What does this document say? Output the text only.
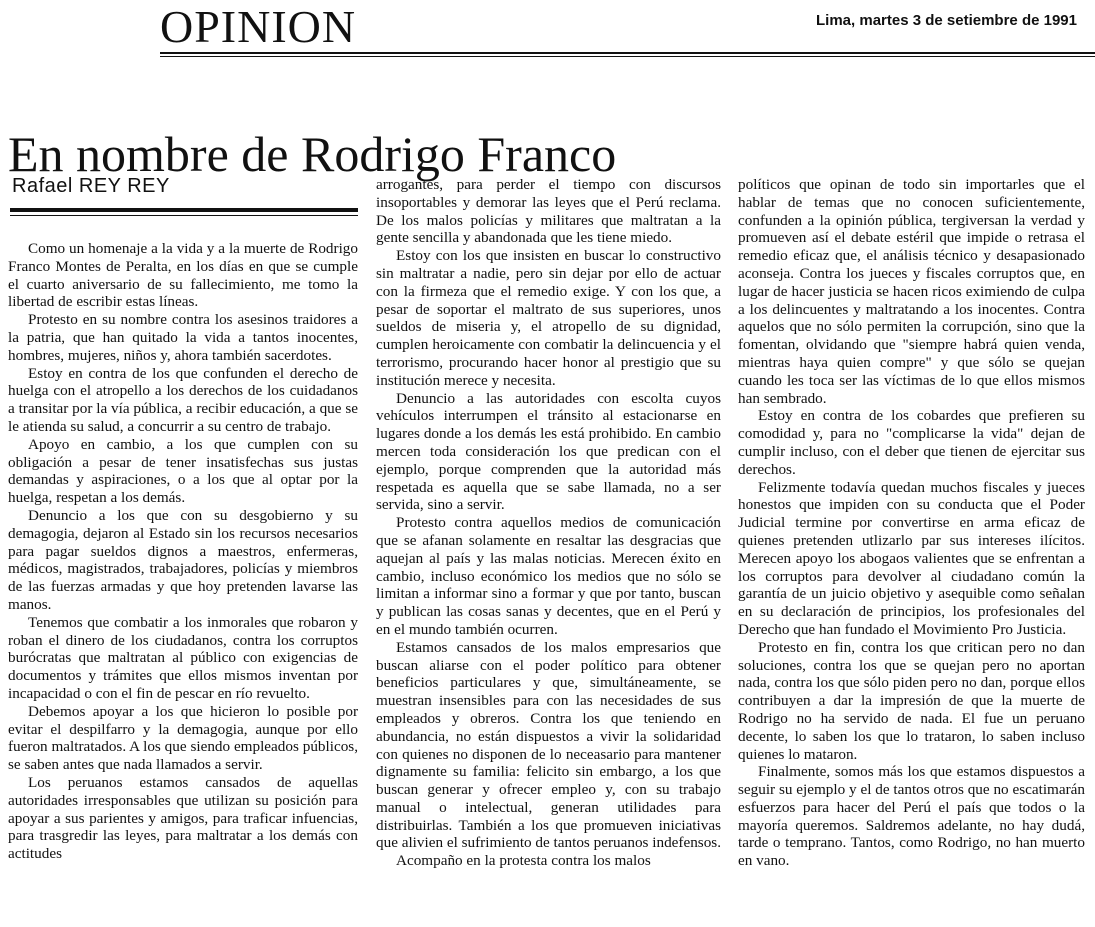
OPINION	Lima, martes 3 de setiembre de 1991
En nombre de Rodrigo Franco
Rafael REY REY

Como un homenaje a la vida y a la muerte de Rodrigo Franco Montes de Peralta, en los días en que se cumple el cuarto aniversario de su fallecimiento, me tomo la libertad de escribir estas líneas.

Protesto en su nombre contra los asesinos traidores a la patria, que han quitado la vida a tantos inocentes, hombres, mujeres, niños y, ahora también sacerdotes.

Estoy en contra de los que confunden el derecho de huelga con el atropello a los derechos de los cuidadanos a transitar por la vía pública, a recibir educación, a que se le atienda su salud, a concurrir a su centro de trabajo.

Apoyo en cambio, a los que cumplen con su obligación a pesar de tener insatisfechas sus justas demandas y aspiraciones, o a los que al optar por la huelga, respetan a los demás.

Denuncio a los que con su desgobierno y su demagogia, dejaron al Estado sin los recursos necesarios para pagar sueldos dignos a maestros, enfermeras, médicos, magistrados, trabajadores, policías y miembros de las fuerzas armadas y que hoy pretenden lavarse las manos.

Tenemos que combatir a los inmorales que robaron y roban el dinero de los ciudadanos, contra los corruptos burócratas que maltratan al público con exigencias de documentos y trámites que ellos mismos inventan por incapacidad o con el fin de pescar en río revuelto.

Debemos apoyar a los que hicieron lo posible por evitar el despilfarro y la demagogia, aunque por ello fueron maltratados. A los que siendo empleados públicos, se saben antes que nada llamados a servir.

Los peruanos estamos cansados de aquellas autoridades irresponsables que utilizan su posición para apoyar a sus parientes y amigos, para traficar infuencias, para trasgredir las leyes, para maltratar a los demás con actitudes

arrogantes, para perder el tiempo con discursos insoportables y demorar las leyes que el Perú reclama. De los malos policías y militares que maltratan a la gente sencilla y abandonada que les tiene miedo.

Estoy con los que insisten en buscar lo constructivo sin maltratar a nadie, pero sin dejar por ello de actuar con la firmeza que el remedio exige. Y con los que, a pesar de soportar el maltrato de sus superiores, unos sueldos de miseria y, el atropello de su dignidad, cumplen heroicamente con combatir la delincuencia y el terrorismo, procurando hacer honor al prestigio que su institución merece y necesita.

Denuncio a las autoridades con escolta cuyos vehículos interrumpen el tránsito al estacionarse en lugares donde a los demás les está prohibido. En cambio mercen toda consideración los que predican con el ejemplo, porque comprenden que la autoridad más respetada es aquella que se sabe llamada, no a ser servida, sino a servir.

Protesto contra aquellos medios de comunicación que se afanan solamente en resaltar las desgracias que aquejan al país y las malas noticias. Merecen éxito en cambio, incluso económico los medios que no sólo se limitan a informar sino a formar y que por tanto, buscan y publican las cosas sanas y decentes, que en el Perú y en el mundo también ocurren.

Estamos cansados de los malos empresarios que buscan aliarse con el poder político para obtener beneficios particulares y que, simultáneamente, se muestran insensibles para con las necesidades de sus empleados y obreros. Contra los que teniendo en abundancia, no están dispuestos a vivir la solidaridad con quienes no disponen de lo neceasario para mantener dignamente su familia: felicito sin embargo, a los que buscan generar y ofrecer empleo y, con su trabajo manual o intelectual, generan utilidades para distribuirlas. También a los que promueven iniciativas que alivien el sufrimiento de tantos peruanos indefensos.

Acompaño en la protesta contra los malos

políticos que opinan de todo sin importarles que el hablar de temas que no conocen suficientemente, confunden a la opinión pública, tergiversan la verdad y promueven así el debate estéril que impide o retrasa el remedio eficaz que, el análisis técnico y desapasionado aconseja. Contra los jueces y fiscales corruptos que, en lugar de hacer justicia se hacen ricos eximiendo de culpa a los delincuentes y maltratando a los inocentes. Contra aquelos que no sólo permiten la corrupción, sino que la fomentan, olvidando que "siempre habrá quien venda, mientras haya quien compre" y que sólo se quejan cuando les toca ser las víctimas de lo que ellos mismos han sembrado.

Estoy en contra de los cobardes que prefieren su comodidad y, para no "complicarse la vida" dejan de cumplir incluso, con el deber que tienen de ejercitar sus derechos.

Felizmente todavía quedan muchos fiscales y jueces honestos que impiden con su conducta que el Poder Judicial termine por convertirse en arma eficaz de quienes pretenden utlizarlo par sus intereses ilícitos. Merecen apoyo los abogaos valientes que se enfrentan a los corruptos para devolver al ciudadano común la garantía de un juicio objetivo y asequible como señalan en su declaración de principios, los profesionales del Derecho que han fundado el Movimiento Pro Justicia.

Protesto en fin, contra los que critican pero no dan soluciones, contra los que se quejan pero no aportan nada, contra los que sólo piden pero no dan, porque ellos contribuyen a dar la impresión de que la muerte de Rodrigo no ha servido de nada. El fue un peruano decente, lo saben los que lo trataron, lo saben incluso quienes lo mataron.

Finalmente, somos más los que estamos dispuestos a seguir su ejemplo y el de tantos otros que no escatimarán esfuerzos para hacer del Perú el país que todos o la mayoría queremos. Saldremos adelante, no hay dudá, tarde o temprano. Tantos, como Rodrigo, no han muerto en vano.
